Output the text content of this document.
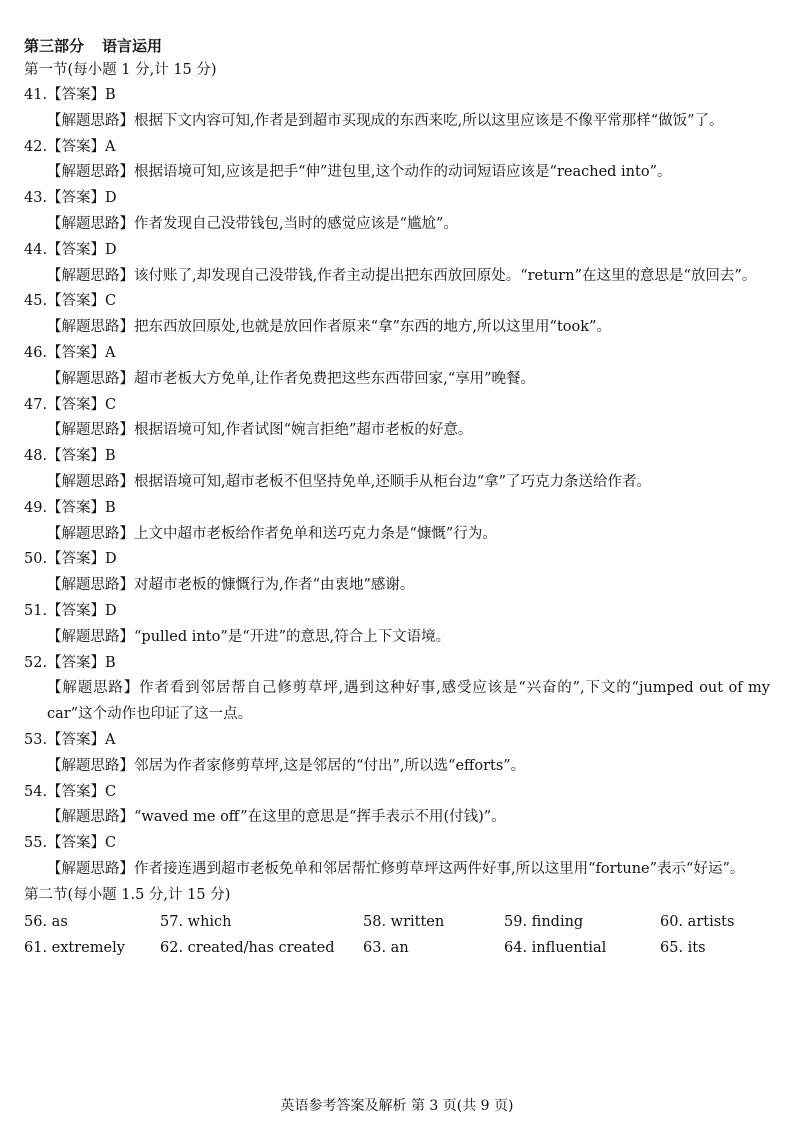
第三部分 语言运用
第一节(每小题 1 分,计 15 分)
41.【答案】B
【解题思路】根据下文内容可知,作者是到超市买现成的东西来吃,所以这里应该是不像平常那样“做饭”了。
42.【答案】A
【解题思路】根据语境可知,应该是把手“伸”进包里,这个动作的动词短语应该是“reached into”。
43.【答案】D
【解题思路】作者发现自己没带钱包,当时的感觉应该是“尴尬”。
44.【答案】D
【解题思路】该付账了,却发现自己没带钱,作者主动提出把东西放回原处。“return”在这里的意思是“放回去”。
45.【答案】C
【解题思路】把东西放回原处,也就是放回作者原来“拿”东西的地方,所以这里用“took”。
46.【答案】A
【解题思路】超市老板大方免单,让作者免费把这些东西带回家,“享用”晚餐。
47.【答案】C
【解题思路】根据语境可知,作者试图“婉言拒绝”超市老板的好意。
48.【答案】B
【解题思路】根据语境可知,超市老板不但坚持免单,还顺手从柜台边“拿”了巧克力条送给作者。
49.【答案】B
【解题思路】上文中超市老板给作者免单和送巧克力条是“慷慨”行为。
50.【答案】D
【解题思路】对超市老板的慷慨行为,作者“由衷地”感谢。
51.【答案】D
【解题思路】“pulled into”是“开进”的意思,符合上下文语境。
52.【答案】B
【解题思路】作者看到邻居帮自己修剪草坪,遇到这种好事,感受应该是“兴奋的”,下文的“jumped out of my car”这个动作也印证了这一点。
53.【答案】A
【解题思路】邻居为作者家修剪草坪,这是邻居的“付出”,所以选“efforts”。
54.【答案】C
【解题思路】“waved me off”在这里的意思是“挥手表示不用(付钱)”。
55.【答案】C
【解题思路】作者接连遇到超市老板免单和邻居帮忙修剪草坪这两件好事,所以这里用“fortune”表示“好运”。
第二节(每小题 1.5 分,计 15 分)
56. as	57. which	58. written	59. finding	60. artists
61. extremely	62. created/has created	63. an	64. influential	65. its
英语参考答案及解析 第 3 页(共 9 页)
